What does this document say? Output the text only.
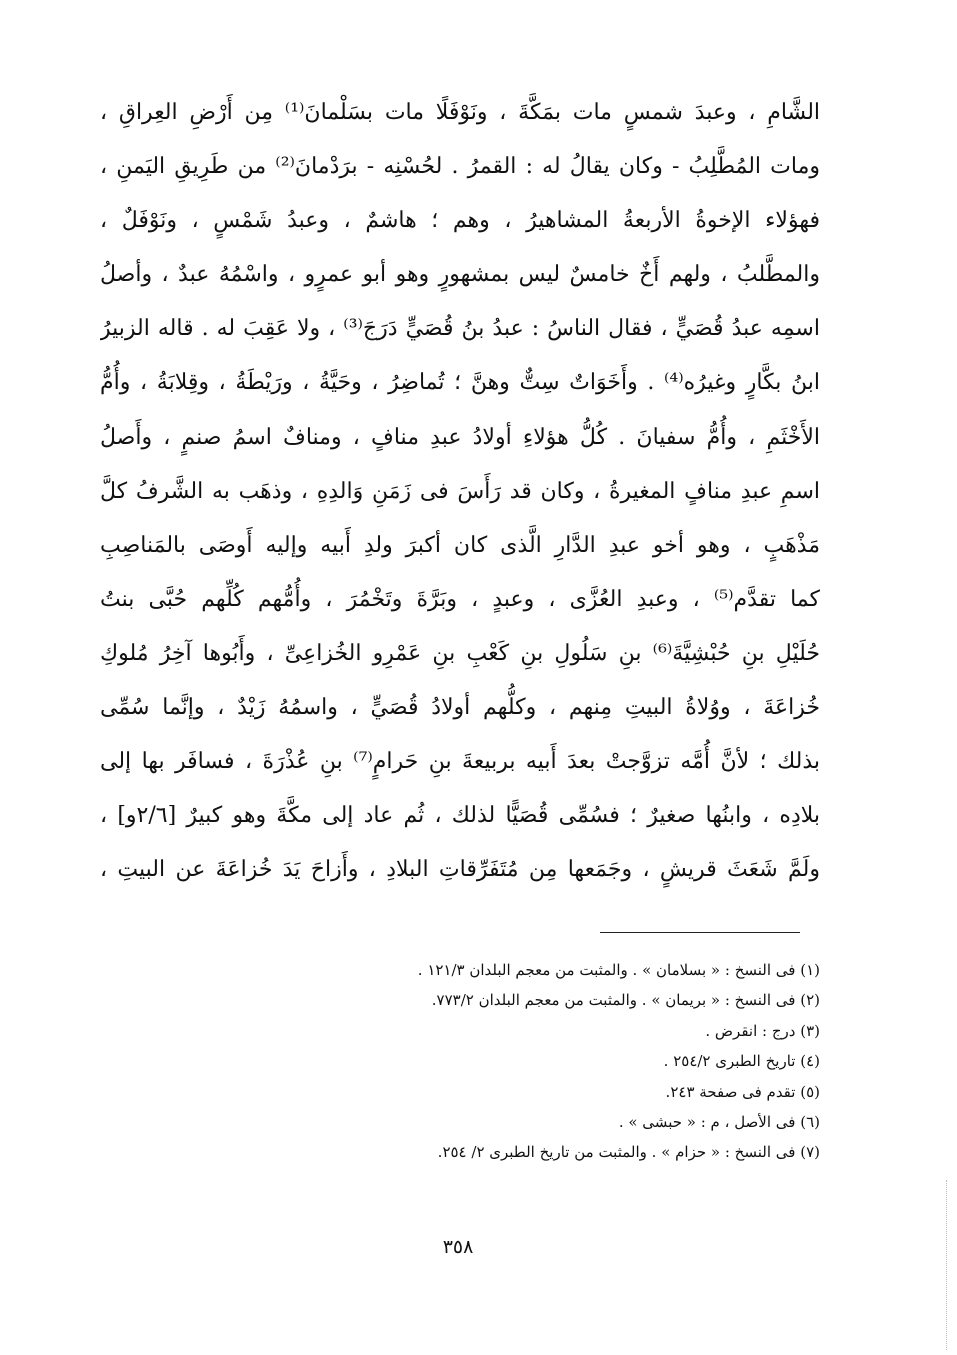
الشَّامِ ، وعبدَ شمسٍ مات بمَكَّةَ ، ونَوْفَلًا مات بسَلْمانَ⁽¹⁾ مِن أَرْضِ العِراقِ ،
ومات المُطَّلِبُ - وكان يقالُ له : القمرُ . لحُسْنِه - برَدْمانَ⁽²⁾ من طَرِيقِ اليَمنِ ،
فهؤلاء الإخوةُ الأربعةُ المشاهيرُ ، وهم ؛ هاشمٌ ، وعبدُ شَمْسٍ ، ونَوْفَلٌ ،
والمطَّلبُ ، ولهم أَخٌ خامسٌ ليس بمشهورٍ وهو أبو عمرٍو ، واسْمُهُ عبدٌ ، وأصلُ
اسمِه عبدُ قُصَيٍّ ، فقال الناسُ : عبدُ بنُ قُصَيٍّ دَرَجَ⁽³⁾ ، ولا عَقِبَ له . قاله الزبيرُ
ابنُ بكَّارٍ وغيرُه⁽⁴⁾ . وأَخَوَاتٌ سِتٌّ وهنَّ ؛ تُماضِرُ ، وحَيَّةُ ، ورَيْطَةُ ، وقِلابَةُ ، وأُمُّ
الأَخْثَمِ ، وأُمُّ سفيانَ . كُلُّ هؤلاءِ أولادُ عبدِ منافٍ ، ومنافٌ اسمُ صنمٍ ، وأَصلُ
اسمِ عبدِ منافٍ المغيرةُ ، وكان قد رَأَسَ فى زَمَنِ وَالدِهِ ، وذهَب به الشَّرفُ كلَّ
مَذْهَبٍ ، وهو أخو عبدِ الدَّارِ الَّذى كان أكبرَ ولدِ أَبيه وإليه أَوصَى بالمَناصِبِ
كما تقدَّم⁽⁵⁾ ، وعبدِ العُزَّى ، وعبدٍ ، وبَرَّةَ وتَخْمُرَ ، وأُمُّهم كُلِّهم حُبَّى بنتُ
حُلَيْلِ بنِ حُبْشِيَّةَ⁽⁶⁾ بنِ سَلُولِ بنِ كَعْبِ بنِ عَمْرِو الخُزاعِىِّ ، وأَبُوها آخِرُ مُلوكِ
خُزاعَةَ ، ووُلاةُ البيتِ مِنهم ، وكلُّهم أولادُ قُصَيٍّ ، واسمُهُ زَيْدٌ ، وإنَّما سُمِّى
بذلك ؛ لأنَّ أُمَّه تزوَّجتْ بعدَ أَبيه بربيعةَ بنِ حَرامٍ⁽⁷⁾ بنِ عُذْرَةَ ، فسافَر بها إلى
بلادِه ، وابنُها صغيرٌ ؛ فسُمِّى قُصَيًّا لذلك ، ثُم عاد إلى مكَّةَ وهو كبيرٌ [٢/٦و] ،
ولَمَّ شَعَثَ قريشٍ ، وجَمَعها مِن مُتَفَرِّقاتِ البلادِ ، وأَزاحَ يَدَ خُزاعَةَ عن البيتِ ،
(١) فى النسخ : « بسلامان » . والمثبت من معجم البلدان ١٢١/٣ .
(٢) فى النسخ : « بريمان » . والمثبت من معجم البلدان ٧٧٣/٢.
(٣) درج : انقرض .
(٤) تاريخ الطبرى ٢٥٤/٢ .
(٥) تقدم فى صفحة ٢٤٣.
(٦) فى الأصل ، م : « حبشى » .
(٧) فى النسخ : « حزام » . والمثبت من تاريخ الطبرى ٢/ ٢٥٤.
٣٥٨
